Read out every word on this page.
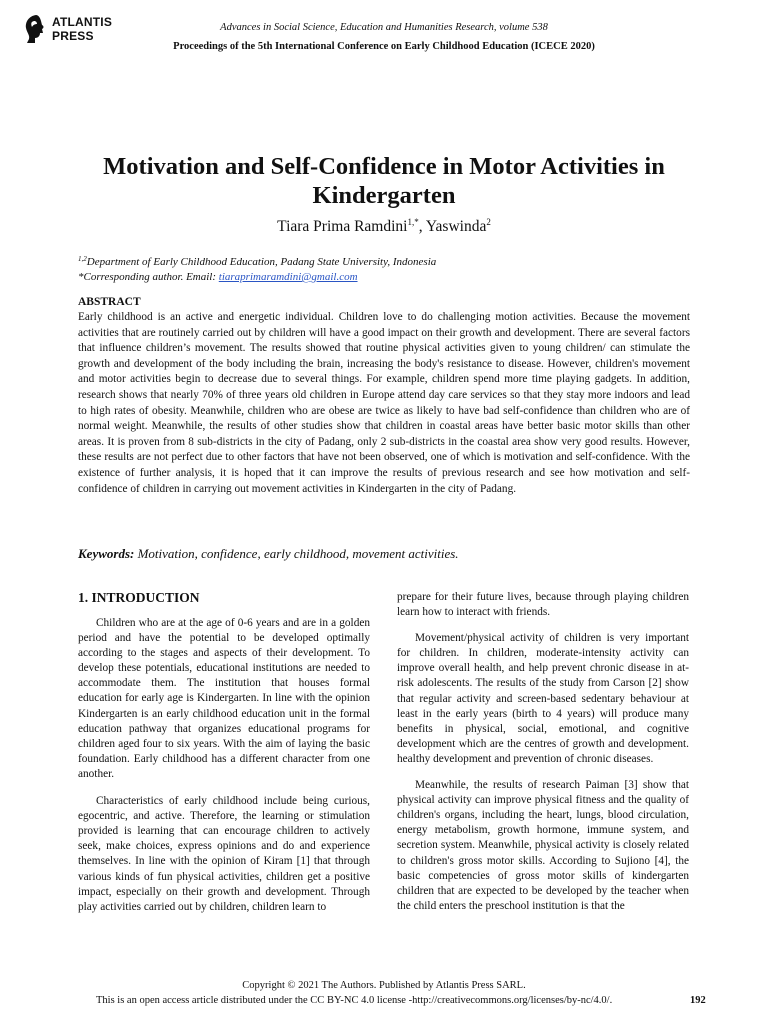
ATLANTIS
PRESS
Advances in Social Science, Education and Humanities Research, volume 538
Proceedings of the 5th International Conference on Early Childhood Education (ICECE 2020)
Motivation and Self-Confidence in Motor Activities in Kindergarten
Tiara Prima Ramdini$^{1,*}$, Yaswinda$^2$
$^{1,2}$Department of Early Childhood Education, Padang State University, Indonesia
*Corresponding author. Email: tiaraprimaramdini@gmail.com
ABSTRACT
Early childhood is an active and energetic individual. Children love to do challenging motion activities. Because the movement activities that are routinely carried out by children will have a good impact on their growth and development. There are several factors that influence children’s movement. The results showed that routine physical activities given to young children/ can stimulate the growth and development of the body including the brain, increasing the body's resistance to disease. However, children's movement and motor activities begin to decrease due to several things. For example, children spend more time playing gadgets. In addition, research shows that nearly 70% of three years old children in Europe attend day care services so that they stay more indoors and lead to high rates of obesity. Meanwhile, children who are obese are twice as likely to have bad self-confidence than children who are of normal weight. Meanwhile, the results of other studies show that children in coastal areas have better basic motor skills than other areas. It is proven from 8 sub-districts in the city of Padang, only 2 sub-districts in the coastal area show very good results. However, these results are not perfect due to other factors that have not been observed, one of which is motivation and self-confidence. With the existence of further analysis, it is hoped that it can improve the results of previous research and see how motivation and self-confidence of children in carrying out movement activities in Kindergarten in the city of Padang.
Keywords: Motivation, confidence, early childhood, movement activities.
1. INTRODUCTION

Children who are at the age of 0-6 years and are in a golden period and have the potential to be developed optimally according to the stages and aspects of their development. To develop these potentials, educational institutions are needed to accommodate them. The institution that houses formal education for early age is Kindergarten. In line with the opinion Kindergarten is an early childhood education unit in the formal education pathway that organizes educational programs for children aged four to six years. With the aim of laying the basic foundation. Early childhood has a different character from one another.

Characteristics of early childhood include being curious, egocentric, and active. Therefore, the learning or stimulation provided is learning that can encourage children to actively seek, make choices, express opinions and do and experience themselves. In line with the opinion of Kiram [1] that through various kinds of fun physical activities, children get a positive impact, especially on their growth and development. Through play activities carried out by children, children learn to

prepare for their future lives, because through playing children learn how to interact with friends.

Movement/physical activity of children is very important for children. In children, moderate-intensity activity can improve overall health, and help prevent chronic disease in at-risk adolescents. The results of the study from Carson [2] show that regular activity and screen-based sedentary behaviour at least in the early years (birth to 4 years) will produce many benefits in physical, social, emotional, and cognitive development which are the centres of growth and development. healthy development and prevention of chronic diseases.

Meanwhile, the results of research Paiman [3] show that physical activity can improve physical fitness and the quality of children's organs, including the heart, lungs, blood circulation, energy metabolism, growth hormone, immune system, and secretion system. Meanwhile, physical activity is closely related to children's gross motor skills. According to Sujiono [4], the basic competencies of gross motor skills of kindergarten children that are expected to be developed by the teacher when the child enters the preschool institution is that the

Copyright © 2021 The Authors. Published by Atlantis Press SARL.
This is an open access article distributed under the CC BY-NC 4.0 license -http://creativecommons.org/licenses/by-nc/4.0/.	192
